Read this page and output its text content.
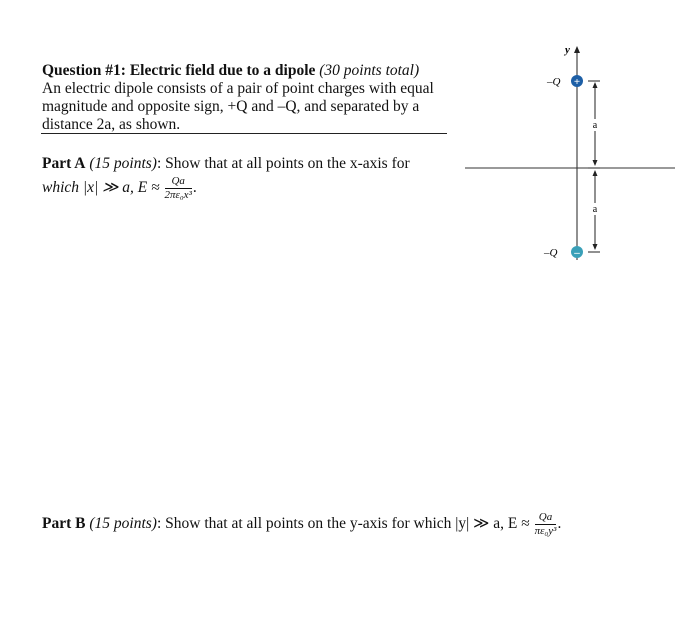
Question #1: Electric field due to a dipole (30 points total)
An electric dipole consists of a pair of point charges with equal
magnitude and opposite sign, +Q and –Q, and separated by a
distance 2a, as shown.
Part A (15 points): Show that at all points on the x-axis for
which |x| ≫ a, $E \approx \frac{Qa}{\text{2πε₀x³}}$ .
Part B (15 points): Show that at all points on the y-axis for which |y| ≫ a, $E \approx \frac{Qa}{\text{πε₀y³}}$ .
y
+
–Q
–
–Q
a
a
